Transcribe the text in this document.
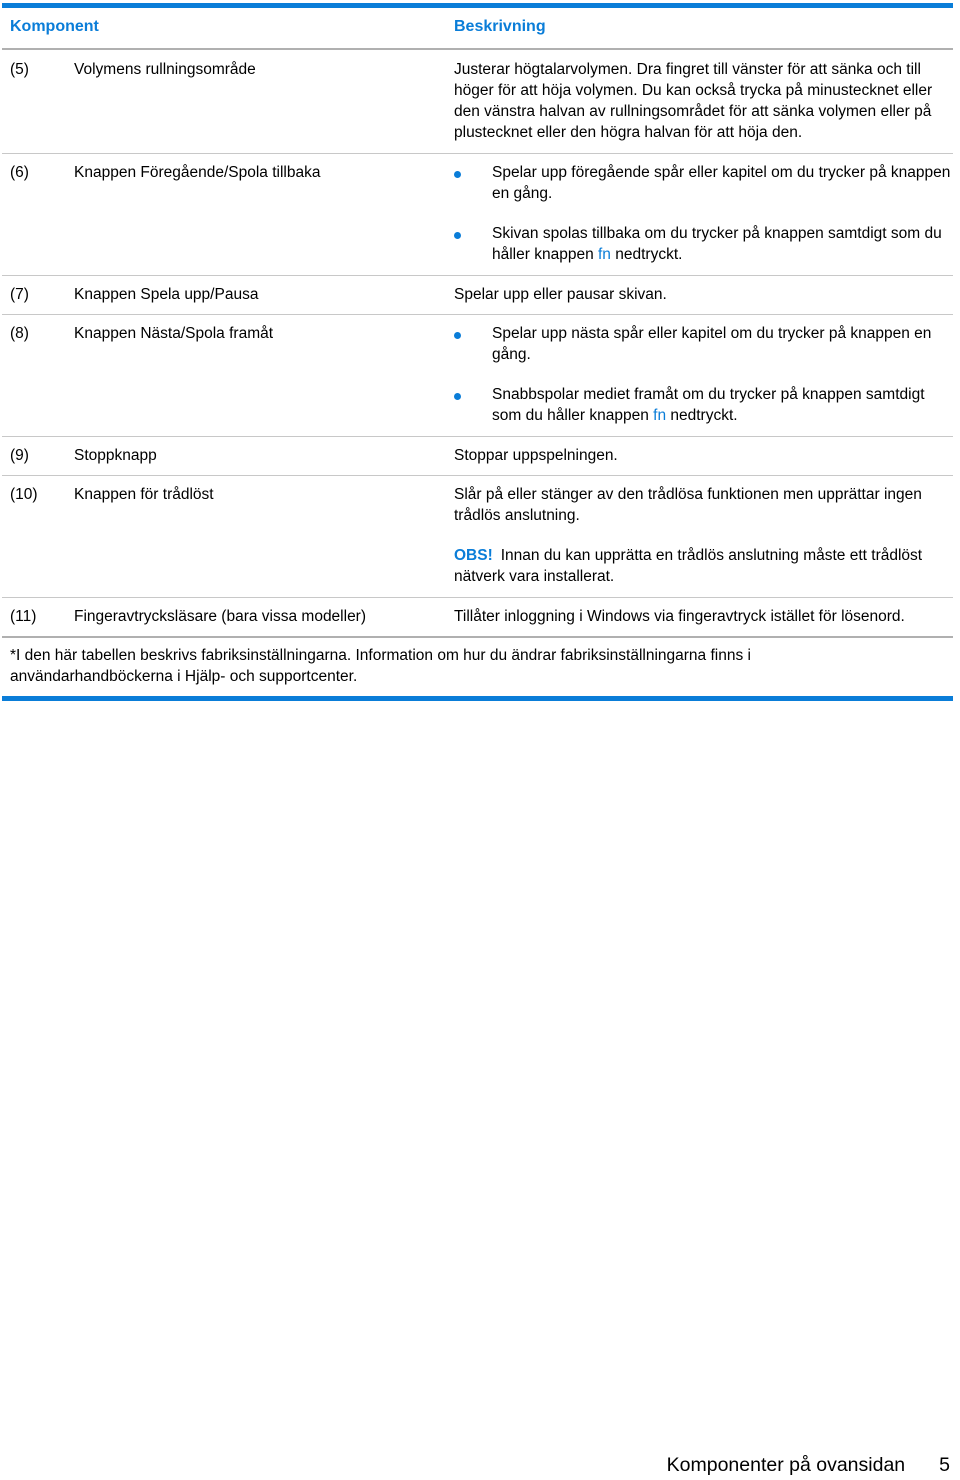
Komponent	Beskrivning
(5)	Volymens rullningsområde	Justerar högtalarvolymen. Dra fingret till vänster för att sänka och till höger för att höja volymen. Du kan också trycka på minustecknet eller den vänstra halvan av rullningsområdet för att sänka volymen eller på plustecknet eller den högra halvan för att höja den.
(6)	Knappen Föregående/Spola tillbaka	Spelar upp föregående spår eller kapitel om du trycker på knappen en gång.
Skivan spolas tillbaka om du trycker på knappen samtdigt som du håller knappen fn nedtryckt.
(7)	Knappen Spela upp/Pausa	Spelar upp eller pausar skivan.
(8)	Knappen Nästa/Spola framåt	Spelar upp nästa spår eller kapitel om du trycker på knappen en gång.
Snabbspolar mediet framåt om du trycker på knappen samtdigt som du håller knappen fn nedtryckt.
(9)	Stoppknapp	Stoppar uppspelningen.
(10) Knappen för trådlöst	Slår på eller stänger av den trådlösa funktionen men upprättar ingen trådlös anslutning.
OBS! Innan du kan upprätta en trådlös anslutning måste ett trådlöst nätverk vara installerat.
(11) Fingeravtrycksläsare (bara vissa modeller)	Tillåter inloggning i Windows via fingeravtryck istället för lösenord.
*I den här tabellen beskrivs fabriksinställningarna. Information om hur du ändrar fabriksinställningarna finns i användarhandböckerna i Hjälp- och supportcenter.
Komponenter på ovansidan 5
